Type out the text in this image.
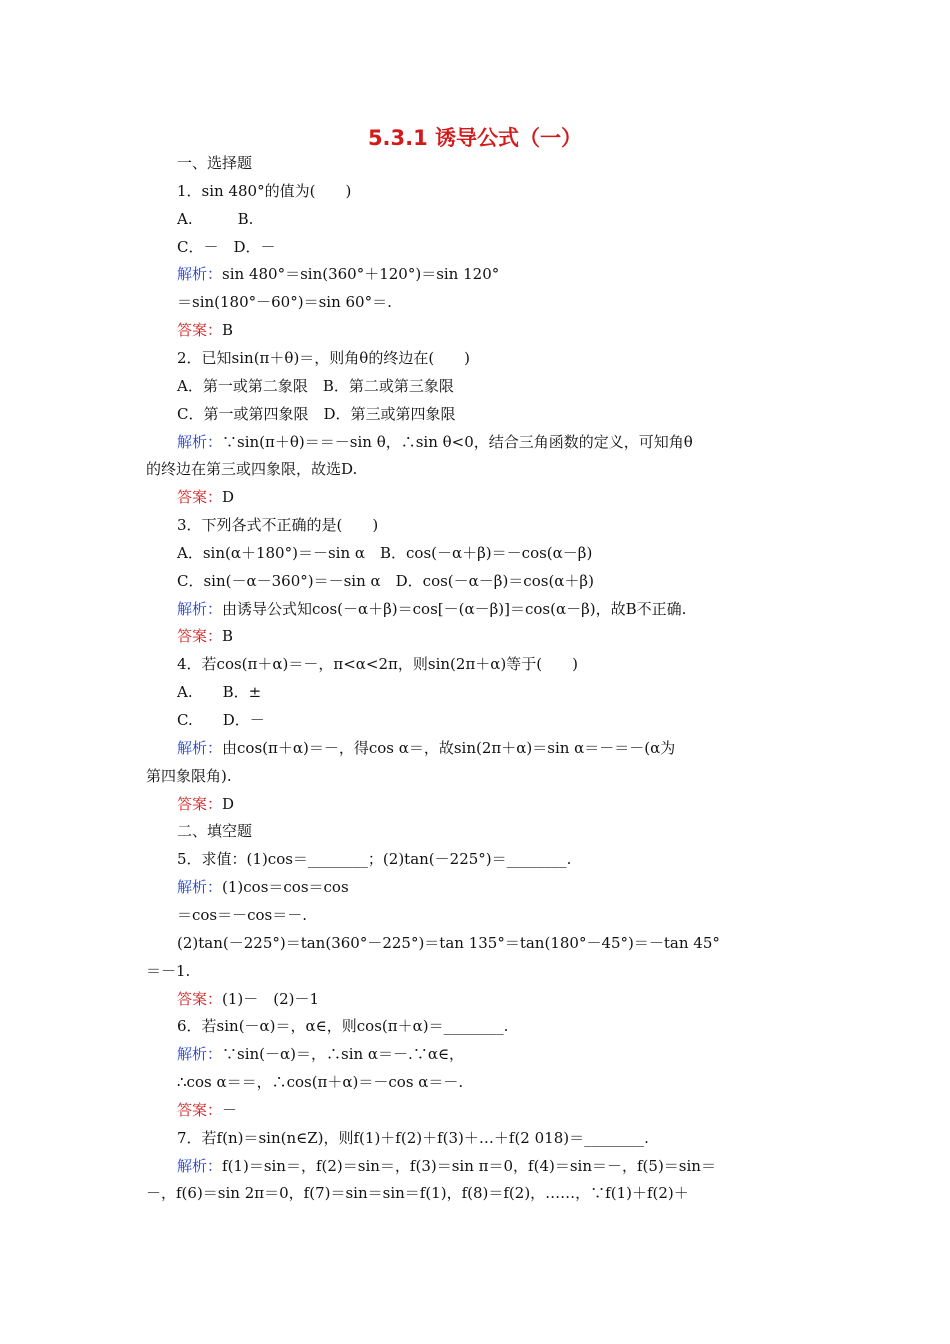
5.3.1 诱导公式（一）
一、选择题
1．sin 480°的值为(　　)
A.　　　B.
C．－　D．－
解析：sin 480°＝sin(360°＋120°)＝sin 120°
＝sin(180°－60°)＝sin 60°＝.
答案：B
2．已知sin(π＋θ)＝，则角θ的终边在(　　)
A．第一或第二象限　B．第二或第三象限
C．第一或第四象限　D．第三或第四象限
解析：∵sin(π＋θ)＝＝－sin θ，∴sin θ<0，结合三角函数的定义，可知角θ
的终边在第三或四象限，故选D.
答案：D
3．下列各式不正确的是(　　)
A．sin(α＋180°)＝－sin α　B．cos(－α＋β)＝－cos(α－β)
C．sin(－α－360°)＝－sin α　D．cos(－α－β)＝cos(α＋β)
解析：由诱导公式知cos(－α＋β)＝cos[－(α－β)]＝cos(α－β)，故B不正确.
答案：B
4．若cos(π＋α)＝－，π<α<2π，则sin(2π＋α)等于(　　)
A.　　B．±
C.　　D．－
解析：由cos(π＋α)＝－，得cos α＝，故sin(2π＋α)＝sin α＝－＝－(α为
第四象限角).
答案：D
二、填空题
5．求值：(1)cos＝________；(2)tan(－225°)＝________.
解析：(1)cos＝cos＝cos
＝cos＝－cos＝－.
(2)tan(－225°)＝tan(360°－225°)＝tan 135°＝tan(180°－45°)＝－tan 45°
＝－1.
答案：(1)－　(2)－1
6．若sin(－α)＝，α∈，则cos(π＋α)＝________.
解析：∵sin(－α)＝，∴sin α＝－.∵α∈，
∴cos α＝＝，∴cos(π＋α)＝－cos α＝－.
答案：－
7．若f(n)＝sin(n∈Z)，则f(1)＋f(2)＋f(3)＋…＋f(2 018)＝________.
解析：f(1)＝sin＝，f(2)＝sin＝，f(3)＝sin π＝0，f(4)＝sin＝－，f(5)＝sin＝
－，f(6)＝sin 2π＝0，f(7)＝sin＝sin＝f(1)，f(8)＝f(2)，……，∵f(1)＋f(2)＋
